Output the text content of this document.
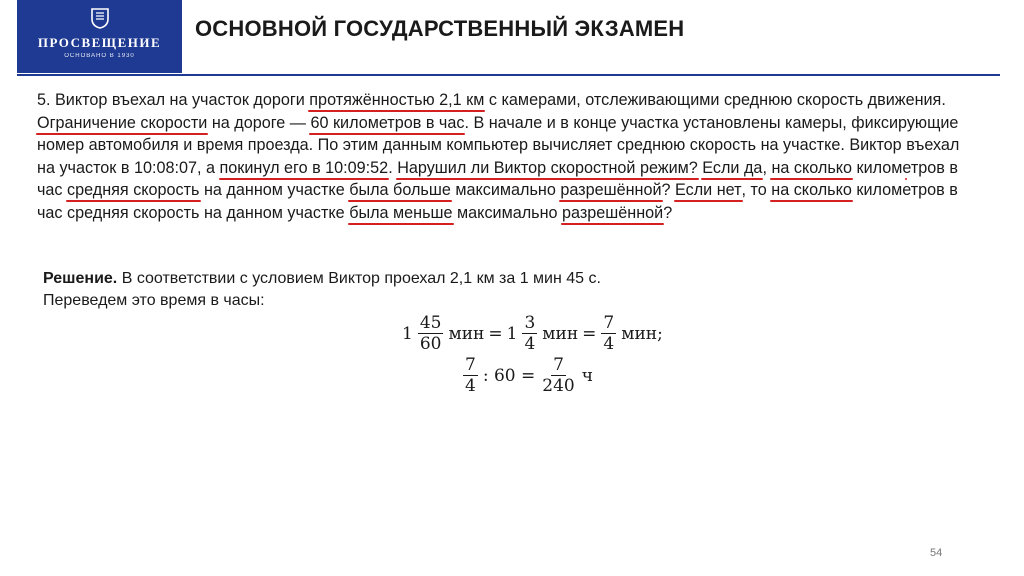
ПРОСВЕЩЕНИЕ
ОСНОВАНО В 1930
ОСНОВНОЙ ГОСУДАРСТВЕННЫЙ ЭКЗАМЕН
5. Виктор въехал на участок дороги протяжённостью 2,1 км с камерами, отслеживающими среднюю скорость движения. Ограничение скорости на дороге — 60 километров в час. В начале и в конце участка установлены камеры, фиксирующие номер автомобиля и время проезда. По этим данным компьютер вычисляет среднюю скорость на участке. Виктор въехал на участок в 10:08:07, а покинул его в 10:09:52. Нарушил ли Виктор скоростной режим? Если да, на сколько километров в час средняя скорость на данном участке была больше максимально разрешённой? Если нет, то на сколько километров в час средняя скорость на данном участке была меньше максимально разрешённой?
Решение. В соответствии с условием Виктор проехал 2,1 км за 1 мин 45 с.
Переведем это время в часы:
$1 \frac{45}{60}$ мин = $1 \frac{3}{4}$ мин = $\frac{7}{4}$ мин;
$\frac{7}{4}$ : $60 = \frac{7}{240}$ ч
54
